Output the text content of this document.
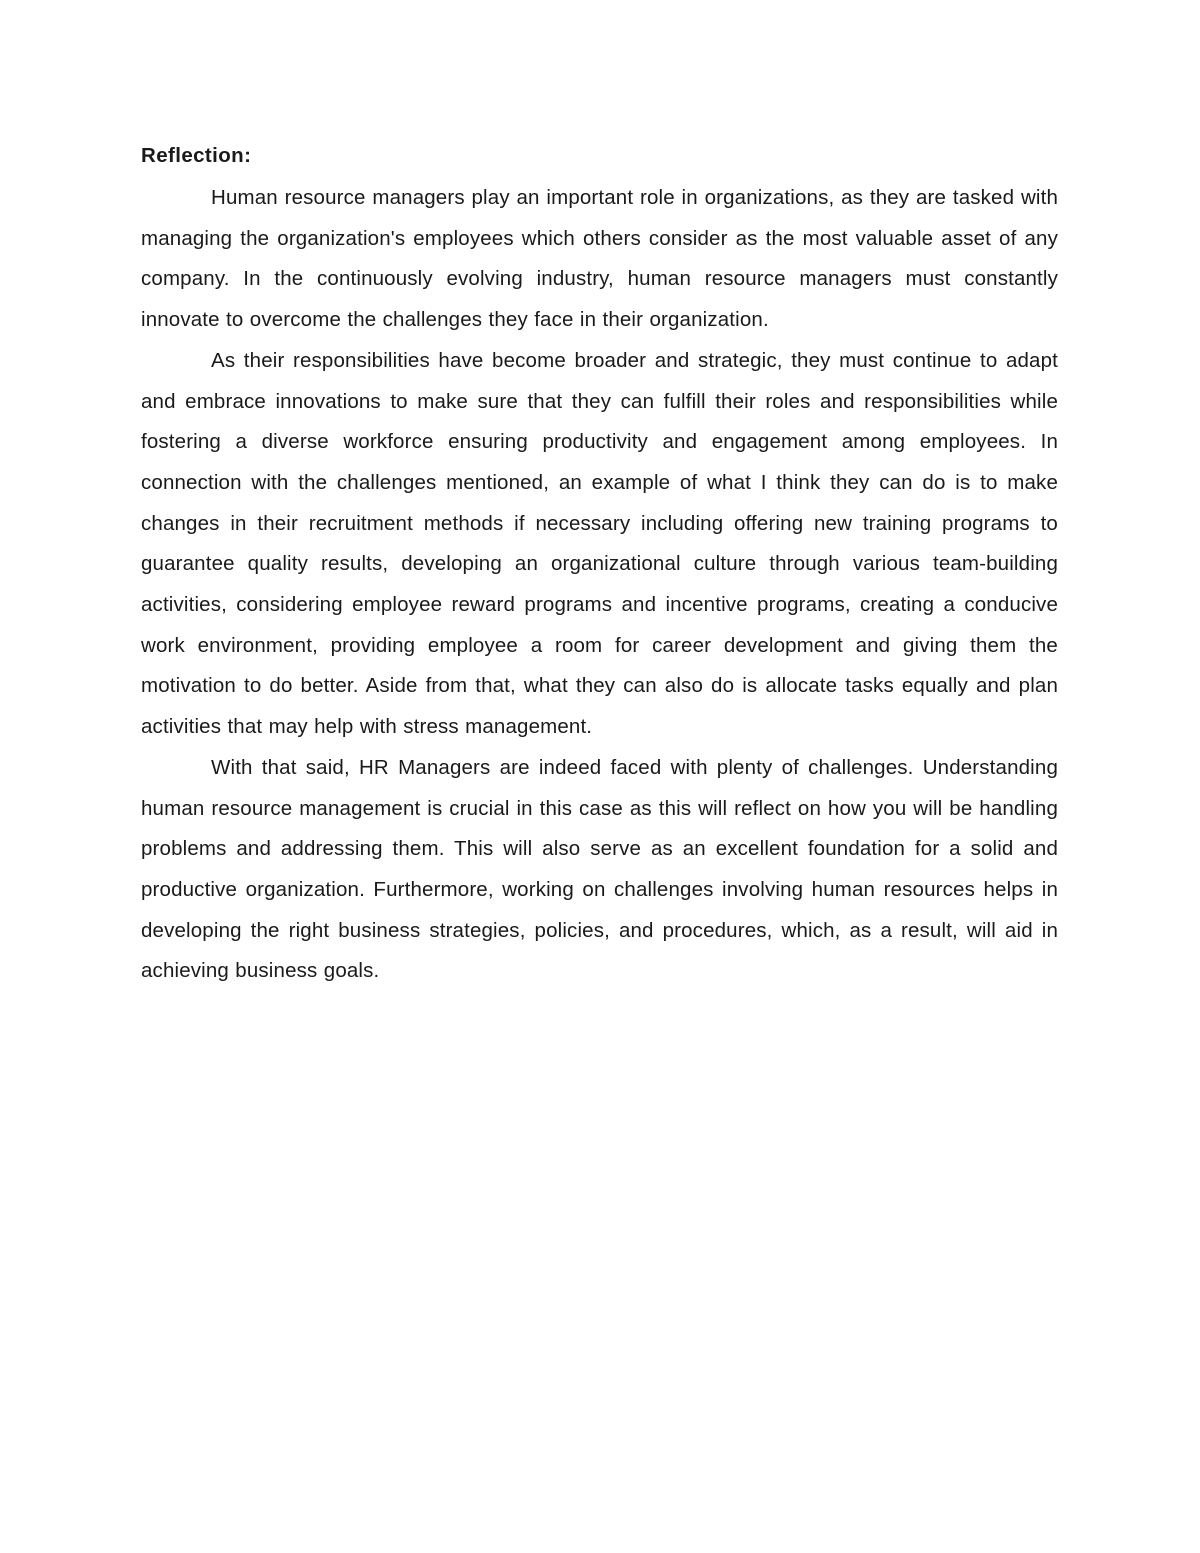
Reflection:

Human resource managers play an important role in organizations, as they are tasked with managing the organization's employees which others consider as the most valuable asset of any company. In the continuously evolving industry, human resource managers must constantly innovate to overcome the challenges they face in their organization.

As their responsibilities have become broader and strategic, they must continue to adapt and embrace innovations to make sure that they can fulfill their roles and responsibilities while fostering a diverse workforce ensuring productivity and engagement among employees. In connection with the challenges mentioned, an example of what I think they can do is to make changes in their recruitment methods if necessary including offering new training programs to guarantee quality results, developing an organizational culture through various team-building activities, considering employee reward programs and incentive programs, creating a conducive work environment, providing employee a room for career development and giving them the motivation to do better. Aside from that, what they can also do is allocate tasks equally and plan activities that may help with stress management.

With that said, HR Managers are indeed faced with plenty of challenges. Understanding human resource management is crucial in this case as this will reflect on how you will be handling problems and addressing them. This will also serve as an excellent foundation for a solid and productive organization. Furthermore, working on challenges involving human resources helps in developing the right business strategies, policies, and procedures, which, as a result, will aid in achieving business goals.
